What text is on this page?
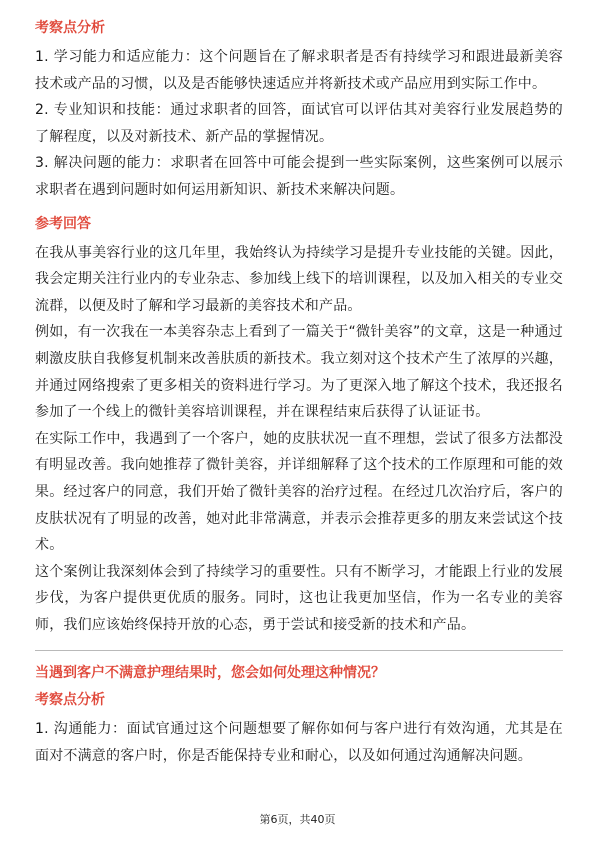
考察点分析

1. 学习能力和适应能力：这个问题旨在了解求职者是否有持续学习和跟进最新美容技术或产品的习惯，以及是否能够快速适应并将新技术或产品应用到实际工作中。

2. 专业知识和技能：通过求职者的回答，面试官可以评估其对美容行业发展趋势的了解程度，以及对新技术、新产品的掌握情况。

3. 解决问题的能力：求职者在回答中可能会提到一些实际案例，这些案例可以展示求职者在遇到问题时如何运用新知识、新技术来解决问题。

参考回答

在我从事美容行业的这几年里，我始终认为持续学习是提升专业技能的关键。因此，我会定期关注行业内的专业杂志、参加线上线下的培训课程，以及加入相关的专业交流群，以便及时了解和学习最新的美容技术和产品。

例如，有一次我在一本美容杂志上看到了一篇关于“微针美容”的文章，这是一种通过刺激皮肤自我修复机制来改善肤质的新技术。我立刻对这个技术产生了浓厚的兴趣，并通过网络搜索了更多相关的资料进行学习。为了更深入地了解这个技术，我还报名参加了一个线上的微针美容培训课程，并在课程结束后获得了认证证书。

在实际工作中，我遇到了一个客户，她的皮肤状况一直不理想，尝试了很多方法都没有明显改善。我向她推荐了微针美容，并详细解释了这个技术的工作原理和可能的效果。经过客户的同意，我们开始了微针美容的治疗过程。在经过几次治疗后，客户的皮肤状况有了明显的改善，她对此非常满意，并表示会推荐更多的朋友来尝试这个技术。

这个案例让我深刻体会到了持续学习的重要性。只有不断学习，才能跟上行业的发展步伐，为客户提供更优质的服务。同时，这也让我更加坚信，作为一名专业的美容师，我们应该始终保持开放的心态，勇于尝试和接受新的技术和产品。

当遇到客户不满意护理结果时，您会如何处理这种情况？
考察点分析

1. 沟通能力：面试官通过这个问题想要了解你如何与客户进行有效沟通，尤其是在面对不满意的客户时，你是否能保持专业和耐心，以及如何通过沟通解决问题。

第6页，共40页
